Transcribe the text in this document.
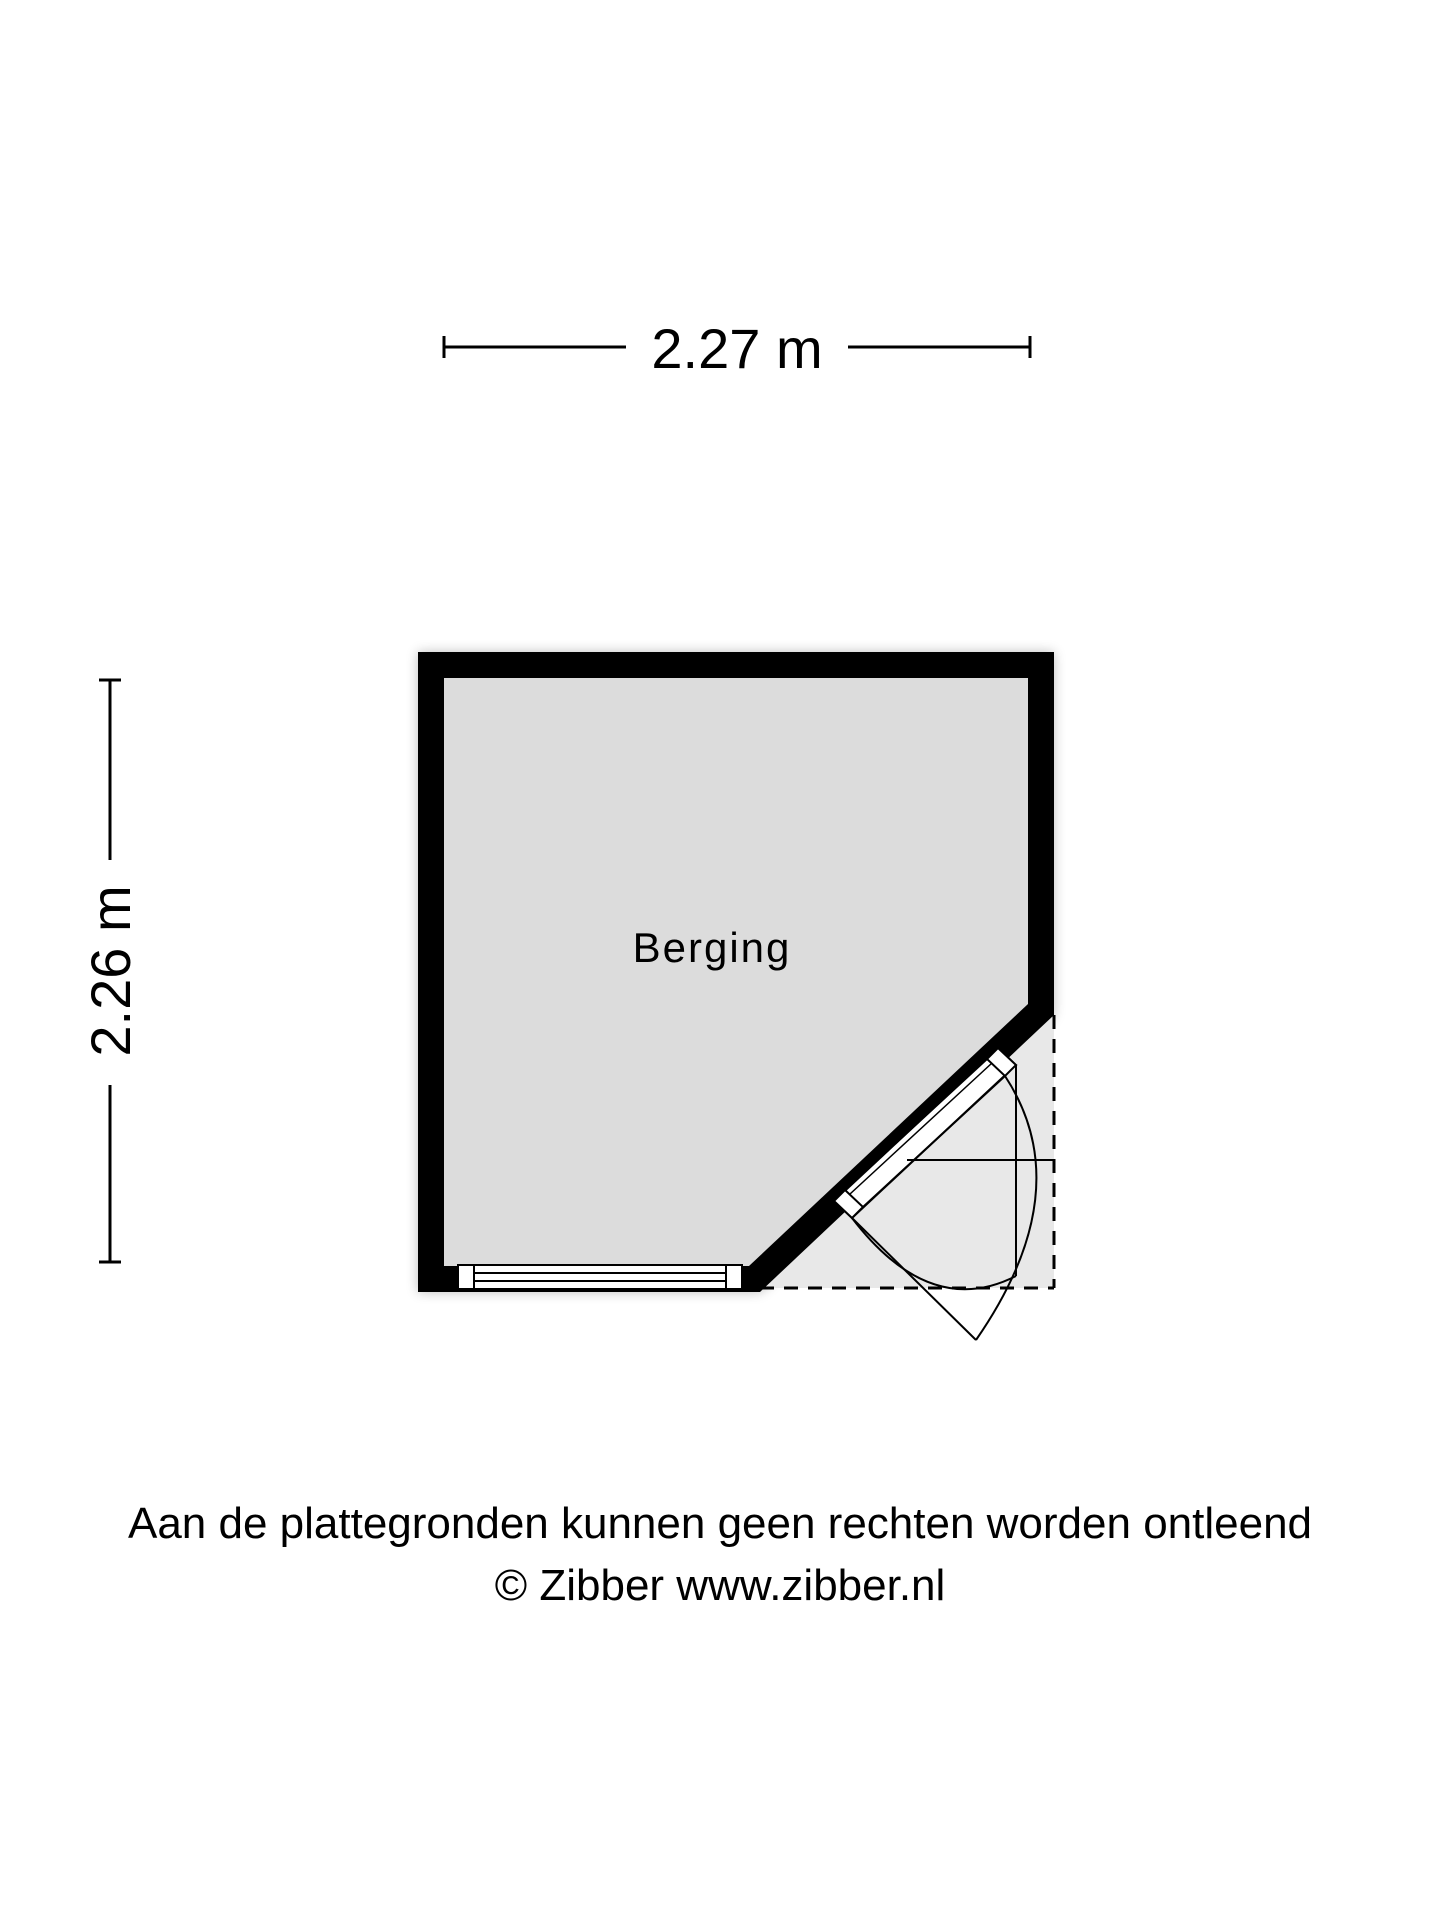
2.27 m
2.26 m	Berging
Aan de plattegronden kunnen geen rechten worden ontleend
© Zibber www.zibber.nl
